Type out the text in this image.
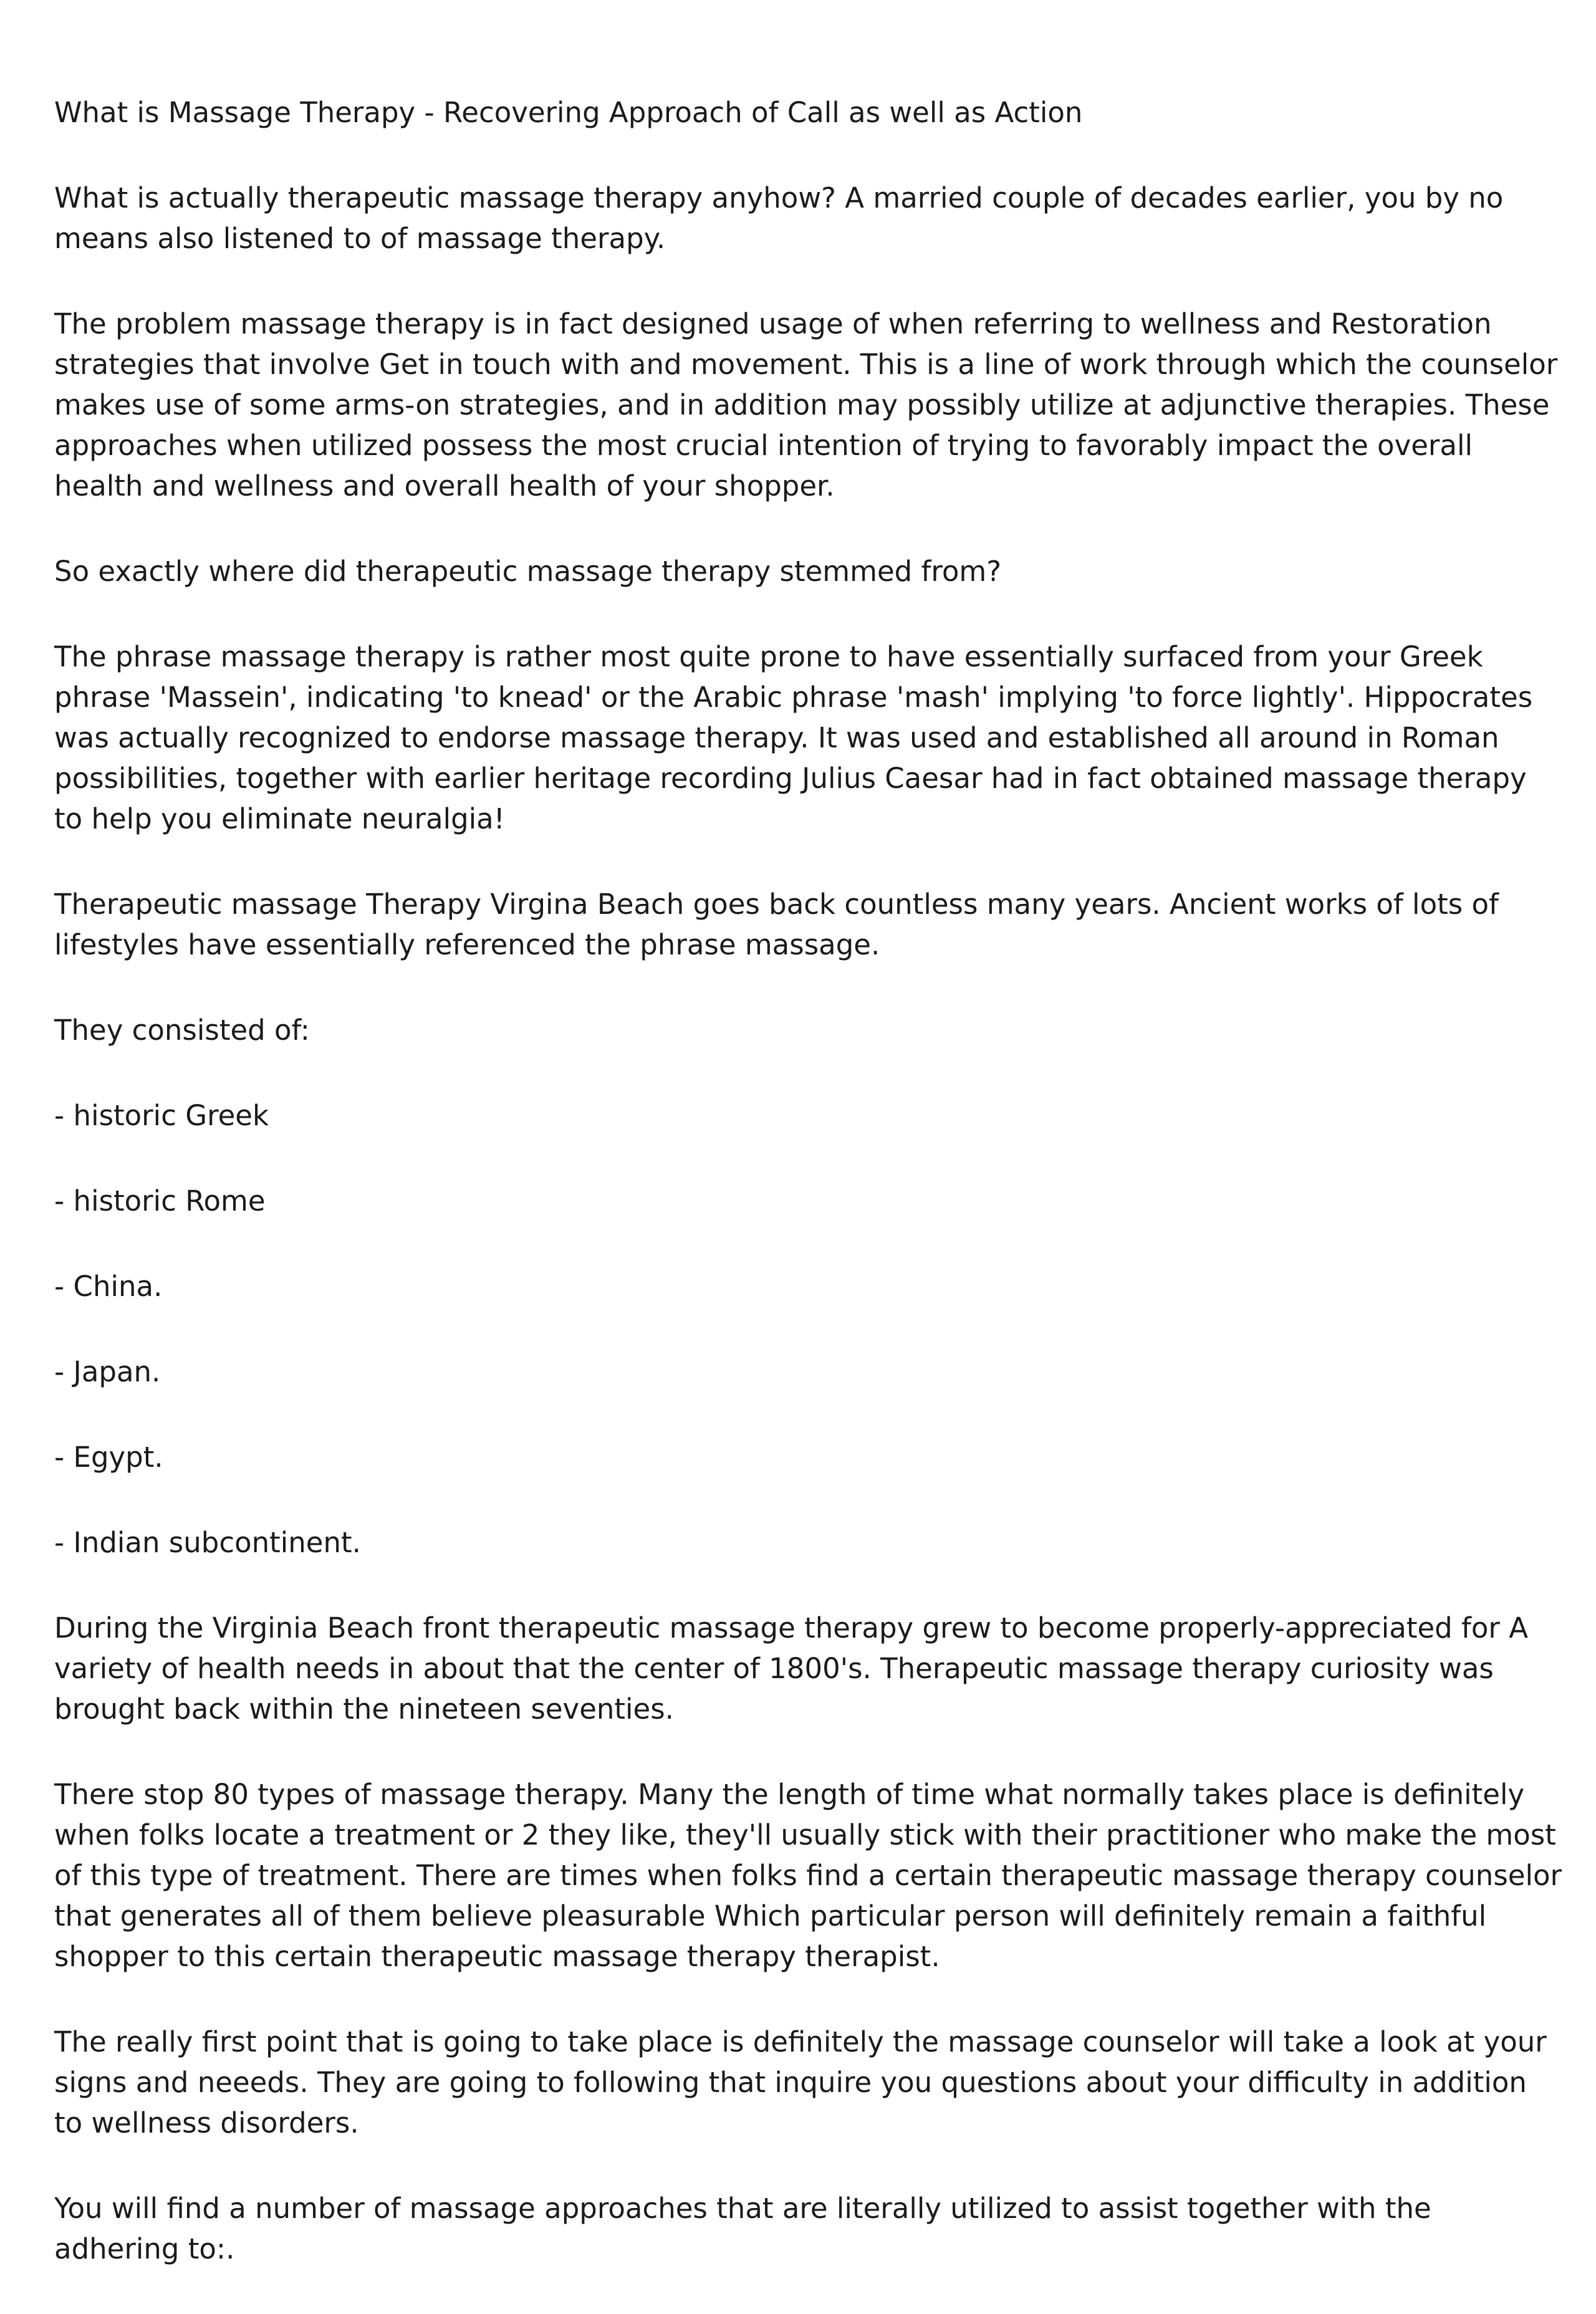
What is Massage Therapy - Recovering Approach of Call as well as Action

What is actually therapeutic massage therapy anyhow? A married couple of decades earlier, you by no means also listened to of massage therapy.

The problem massage therapy is in fact designed usage of when referring to wellness and Restoration strategies that involve Get in touch with and movement. This is a line of work through which the counselor makes use of some arms-on strategies, and in addition may possibly utilize at adjunctive therapies. These approaches when utilized possess the most crucial intention of trying to favorably impact the overall health and wellness and overall health of your shopper.

So exactly where did therapeutic massage therapy stemmed from?

The phrase massage therapy is rather most quite prone to have essentially surfaced from your Greek phrase 'Massein', indicating 'to knead' or the Arabic phrase 'mash' implying 'to force lightly'. Hippocrates was actually recognized to endorse massage therapy. It was used and established all around in Roman possibilities, together with earlier heritage recording Julius Caesar had in fact obtained massage therapy to help you eliminate neuralgia!

Therapeutic massage Therapy Virgina Beach goes back countless many years. Ancient works of lots of lifestyles have essentially referenced the phrase massage.

They consisted of:

- historic Greek

- historic Rome

- China.

- Japan.

- Egypt.

- Indian subcontinent.

During the Virginia Beach front therapeutic massage therapy grew to become properly-appreciated for A variety of health needs in about that the center of 1800's. Therapeutic massage therapy curiosity was brought back within the nineteen seventies.

There stop 80 types of massage therapy. Many the length of time what normally takes place is definitely when folks locate a treatment or 2 they like, they'll usually stick with their practitioner who make the most of this type of treatment. There are times when folks find a certain therapeutic massage therapy counselor that generates all of them believe pleasurable Which particular person will definitely remain a faithful shopper to this certain therapeutic massage therapy therapist.

The really first point that is going to take place is definitely the massage counselor will take a look at your signs and neeeds. They are going to following that inquire you questions about your difficulty in addition to wellness disorders.

You will find a number of massage approaches that are literally utilized to assist together with the adhering to:.
